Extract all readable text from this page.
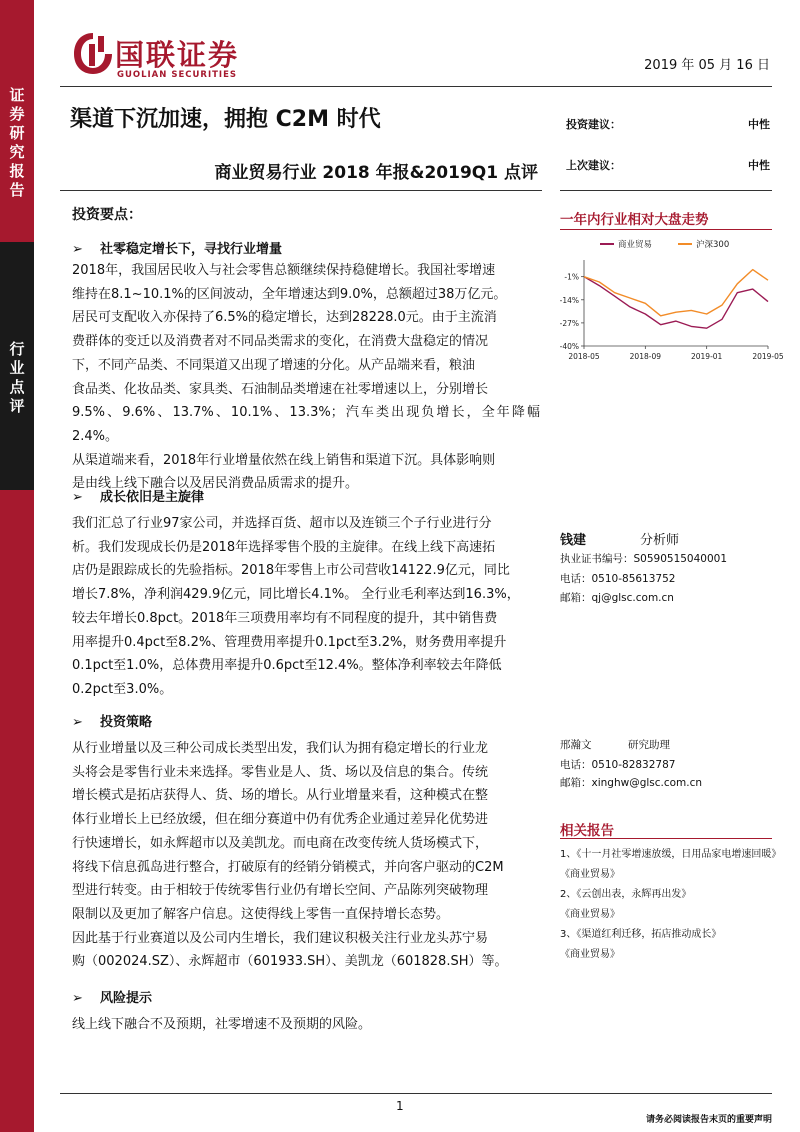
证券研究报告
行业点评
国联证券
GUOLIAN SECURITIES
2019 年 05 月 16 日
渠道下沉加速，拥抱 C2M 时代
商业贸易行业 2018 年报&2019Q1 点评
投资建议：	中性
上次建议：	中性
投资要点：
➢ 社零稳定增长下，寻找行业增量
2018年，我国居民收入与社会零售总额继续保持稳健增长。我国社零增速
维持在8.1~10.1%的区间波动，全年增速达到9.0%，总额超过38万亿元。
居民可支配收入亦保持了6.5%的稳定增长，达到28228.0元。由于主流消
费群体的变迁以及消费者对不同品类需求的变化，在消费大盘稳定的情况
下，不同产品类、不同渠道又出现了增速的分化。从产品端来看，粮油
食品类、化妆品类、家具类、石油制品类增速在社零增速以上，分别增长
9.5%、9.6%、13.7%、10.1%、13.3%；汽车类出现负增长，全年降幅2.4%。
从渠道端来看，2018年行业增量依然在线上销售和渠道下沉。具体影响则
是由线上线下融合以及居民消费品质需求的提升。
➢ 成长依旧是主旋律
我们汇总了行业97家公司，并选择百货、超市以及连锁三个子行业进行分
析。我们发现成长仍是2018年选择零售个股的主旋律。在线上线下高速拓
店仍是跟踪成长的先验指标。2018年零售上市公司营收14122.9亿元，同比
增长7.8%，净利润429.9亿元，同比增长4.1%。 全行业毛利率达到16.3%，
较去年增长0.8pct。2018年三项费用率均有不同程度的提升，其中销售费
用率提升0.4pct至8.2%、管理费用率提升0.1pct至3.2%，财务费用率提升
0.1pct至1.0%，总体费用率提升0.6pct至12.4%。整体净利率较去年降低
0.2pct至3.0%。
➢ 投资策略
从行业增量以及三种公司成长类型出发，我们认为拥有稳定增长的行业龙
头将会是零售行业未来选择。零售业是人、货、场以及信息的集合。传统
增长模式是拓店获得人、货、场的增长。从行业增量来看，这种模式在整
体行业增长上已经放缓，但在细分赛道中仍有优秀企业通过差异化优势进
行快速增长，如永辉超市以及美凯龙。而电商在改变传统人货场模式下，
将线下信息孤岛进行整合，打破原有的经销分销模式，并向客户驱动的C2M
型进行转变。由于相较于传统零售行业仍有增长空间、产品陈列突破物理
限制以及更加了解客户信息。这使得线上零售一直保持增长态势。
因此基于行业赛道以及公司内生增长，我们建议积极关注行业龙头苏宁易
购（002024.SZ）、永辉超市（601933.SH）、美凯龙（601828.SH）等。
➢ 风险提示
线上线下融合不及预期，社零增速不及预期的风险。
一年内行业相对大盘走势
商业贸易	沪深300
-1%
-14%
-27%
-40%
2018-05	2018-09	2019-01	2019-05
钱建	分析师
执业证书编号：S0590515040001
电话：0510-85613752
邮箱：qj@glsc.com.cn
邢瀚文	研究助理
电话：0510-82832787
邮箱：xinghw@glsc.com.cn
相关报告
1、《十一月社零增速放缓，日用品家电增速回暖》
《商业贸易》
2、《云创出表，永辉再出发》
《商业贸易》
3、《渠道红利迁移，拓店推动成长》
《商业贸易》
1
请务必阅读报告末页的重要声明
